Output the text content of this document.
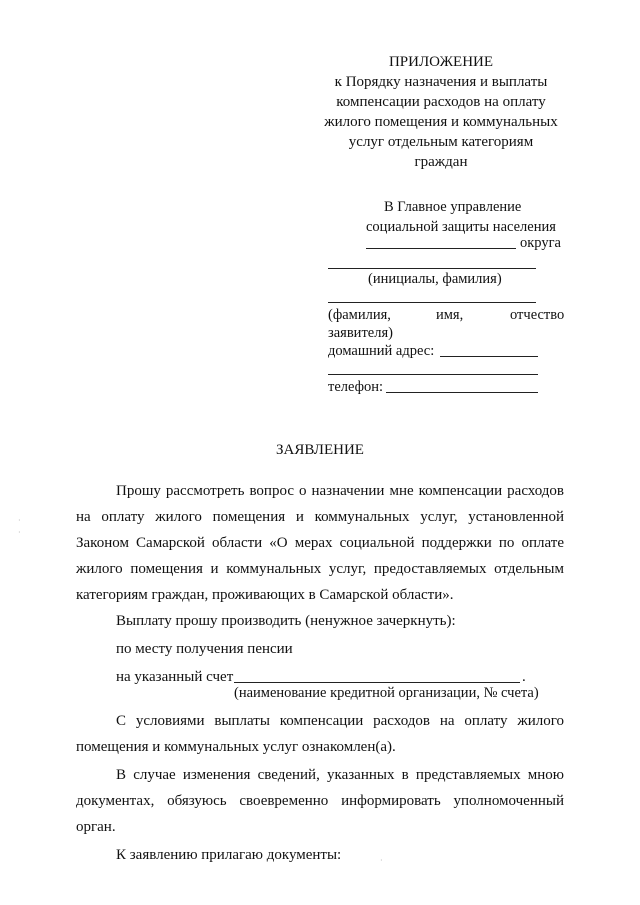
ПРИЛОЖЕНИЕ
к Порядку назначения и выплаты
компенсации расходов на оплату
жилого помещения и коммунальных
услуг отдельным категориям
граждан
В Главное управление
социальной защиты населения
округа
(инициалы, фамилия)
(фамилия,	имя,	отчество
заявителя)
домашний адрес:
телефон:
ЗАЯВЛЕНИЕ
Прошу рассмотреть вопрос о назначении мне компенсации расходов на оплату жилого помещения и коммунальных услуг, установленной Законом Самарской области «О мерах социальной поддержки по оплате жилого помещения и коммунальных услуг, предоставляемых отдельным категориям граждан, проживающих в Самарской области».
Выплату прошу производить (ненужное зачеркнуть):
по месту получения пенсии
на указанный счет	.
(наименование кредитной организации, № счета)
С условиями выплаты компенсации расходов на оплату жилого помещения и коммунальных услуг ознакомлен(а).
В случае изменения сведений, указанных в представляемых мною документах, обязуюсь своевременно информировать уполномоченный орган.
К заявлению прилагаю документы:
·
·
·
